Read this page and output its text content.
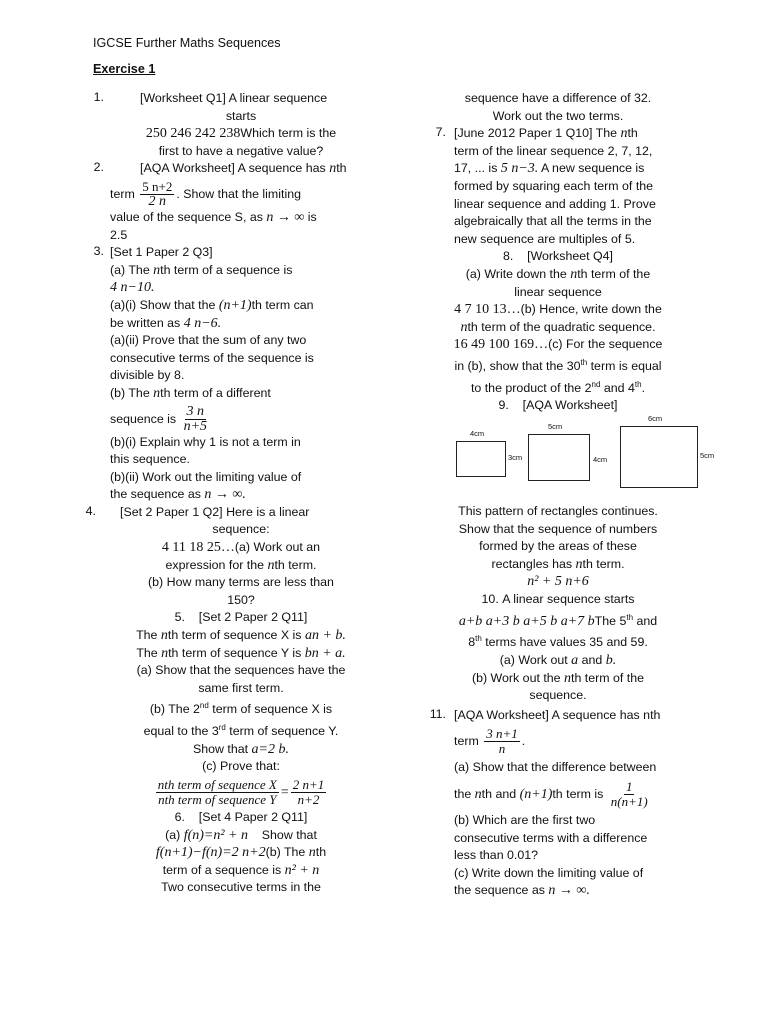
IGCSE Further Maths Sequences
Exercise 1
1.	[Worksheet Q1] A linear sequence
starts
250 246 242 238Which term is the
first to have a negative value?
2.	[AQA Worksheet] A sequence has nth
term $\frac{5 n+2}{2 n}$ . Show that the limiting
value of the sequence S, as n → ∞ is
2.5
3. [Set 1 Paper 2 Q3]
(a) The nth term of a sequence is
4 n−10.
(a)(i) Show that the (n+1)th term can
be written as 4 n−6.
(a)(ii) Prove that the sum of any two
consecutive terms of the sequence is
divisible by 8.
(b) The nth term of a different
sequence is $\frac{3 n}{n+5}$
(b)(i) Explain why 1 is not a term in
this sequence.
(b)(ii) Work out the limiting value of
the sequence as n → ∞.
4.	[Set 2 Paper 1 Q2] Here is a linear
sequence:
4 11 18 25…(a) Work out an
expression for the nth term.
(b) How many terms are less than
150?
5. [Set 2 Paper 2 Q11]
The nth term of sequence X is an + b.
The nth term of sequence Y is bn + a.
(a) Show that the sequences have the
same first term.
(b) The 2nd term of sequence X is
equal to the 3rd term of sequence Y.
Show that a=2 b.
(c) Prove that:
$\frac{\text{nth term of sequence X}}{\text{nth term of sequence Y}} = \frac{2 n+1}{n+2}$
6. [Set 4 Paper 2 Q11]
(a) f(n)=n² + n Show that
f(n+1)−f(n)=2 n+2(b) The nth
term of a sequence is n² + n
Two consecutive terms in the
sequence have a difference of 32.
Work out the two terms.
7. [June 2012 Paper 1 Q10] The nth
term of the linear sequence 2, 7, 12,
17, ... is 5 n−3. A new sequence is
formed by squaring each term of the
linear sequence and adding 1. Prove
algebraically that all the terms in the
new sequence are multiples of 5.
8. [Worksheet Q4]
(a) Write down the nth term of the
linear sequence
4 7 10 13…(b) Hence, write down the
nth term of the quadratic sequence.
16 49 100 169…(c) For the sequence
in (b), show that the 30th term is equal
to the product of the 2nd and 4th.
9. [AQA Worksheet]
4cm
3cm
5cm
4cm
6cm
5cm
This pattern of rectangles continues.
Show that the sequence of numbers
formed by the areas of these
rectangles has nth term.
n² + 5 n+6
10. A linear sequence starts
a+b a+3 b a+5 b a+7 bThe 5th and
8th terms have values 35 and 59.
(a) Work out a and b.
(b) Work out the nth term of the
sequence.
11. [AQA Worksheet] A sequence has nth
term $\frac{3 n+1}{n}$ .
(a) Show that the difference between
the nth and (n+1)th term is $\frac{1}{n(n+1)}$
(b) Which are the first two
consecutive terms with a difference
less than 0.01?
(c) Write down the limiting value of
the sequence as n → ∞.
